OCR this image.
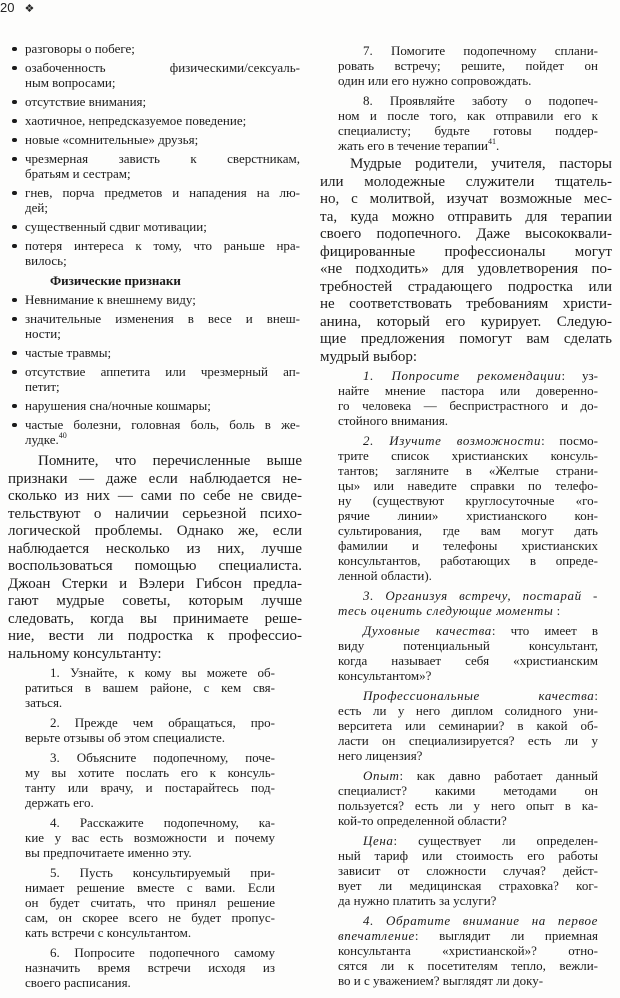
20 ❖
разговоры о побеге;
озабоченность физическими/сексуаль-
ным вопросами;
отсутствие внимания;
хаотичное, непредсказуемое поведение;
новые «сомнительные» друзья;
чрезмерная зависть к сверстникам,
братьям и сестрам;
гнев, порча предметов и нападения на лю-
дей;
существенный сдвиг мотивации;
потеря интереса к тому, что раньше нра-
вилось;
Физические признаки
Невнимание к внешнему виду;
значительные изменения в весе и внеш-
ности;
частые травмы;
отсутствие аппетита или чрезмерный ап-
петит;
нарушения сна/ночные кошмары;
частые болезни, головная боль, боль в же-
лудке.$^{40}$
Помните, что перечисленные выше
признаки — даже если наблюдается не-
сколько из них — сами по себе не свиде-
тельствуют о наличии серьезной психо-
логической проблемы. Однако же, если
наблюдается несколько из них, лучше
воспользоваться помощью специалиста.
Джоан Стерки и Вэлери Гибсон предла-
гают мудрые советы, которым лучше
следовать, когда вы принимаете реше-
ние, вести ли подростка к профессио-
нальному консультанту:
1. Узнайте, к кому вы можете об-
ратиться в вашем районе, с кем свя-
заться.
2. Прежде чем обращаться, про-
верьте отзывы об этом специалисте.
3. Объясните подопечному, поче-
му вы хотите послать его к консуль-
танту или врачу, и постарайтесь под-
держать его.
4. Расскажите подопечному, ка-
кие у вас есть возможности и почему
вы предпочитаете именно эту.
5. Пусть консультируемый при-
нимает решение вместе с вами. Если
он будет считать, что принял решение
сам, он скорее всего не будет пропус-
кать встречи с консультантом.
6. Попросите подопечного самому
назначить время встречи исходя из
своего расписания.
7. Помогите подопечному сплани-
ровать встречу; решите, пойдет он
один или его нужно сопровождать.
8. Проявляйте заботу о подопеч-
ном и после того, как отправили его к
специалисту; будьте готовы поддер-
жать его в течение терапии$^{41}$.
Мудрые родители, учителя, пасторы
или молодежные служители тщатель-
но, с молитвой, изучат возможные мес-
та, куда можно отправить для терапии
своего подопечного. Даже высококвали-
фицированные профессионалы могут
«не подходить» для удовлетворения по-
требностей страдающего подростка или
не соответствовать требованиям христи-
анина, который его курирует. Следую-
щие предложения помогут вам сделать
мудрый выбор:
1. Попросите рекомендации: уз-
найте мнение пастора или доверенно-
го человека — беспристрастного и до-
стойного внимания.
2. Изучите возможности: посмо-
трите список христианских консуль-
тантов; загляните в «Желтые страни-
цы» или наведите справки по телефо-
ну (существуют круглосуточные «го-
рячие линии» христианского кон-
сультирования, где вам могут дать
фамилии и телефоны христианских
консультантов, работающих в опреде-
ленной области).
3. Организуя встречу, постарай -
тесь оценить следующие моменты :
Духовные качества: что имеет в
виду потенциальный консультант,
когда называет себя «христианским
консультантом»?
Профессиональные	качества:
есть ли у него диплом солидного уни-
верситета или семинарии? в какой об-
ласти он специализируется? есть ли у
него лицензия?
Опыт: как давно работает данный
специалист? какими методами он
пользуется? есть ли у него опыт в ка-
кой-то определенной области?
Цена: существует ли определен-
ный тариф или стоимость его работы
зависит от сложности случая? дейст-
вует ли медицинская страховка? ког-
да нужно платить за услуги?
4. Обратите внимание на первое
впечатление: выглядит ли приемная
консультанта «христианской»? отно-
сятся ли к посетителям тепло, вежли-
во и с уважением? выглядят ли доку-
